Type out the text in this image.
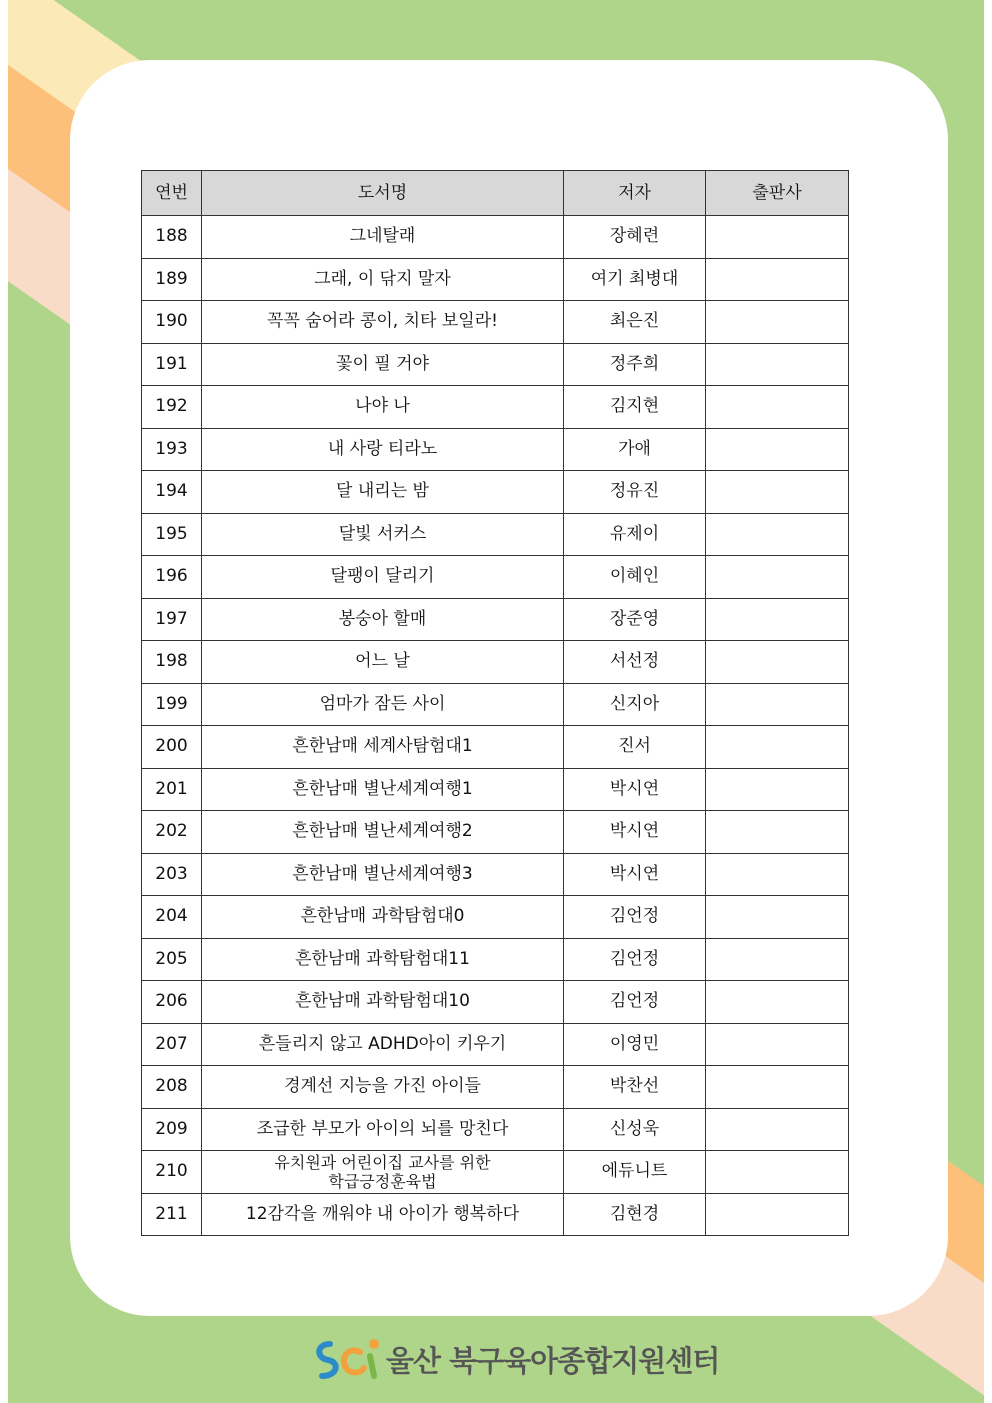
연번	도서명	저자	출판사
188	그네탈래	장혜련	
189	그래, 이 닦지 말자	여기 최병대	
190	꼭꼭 숨어라 콩이, 치타 보일라!	최은진	
191	꽃이 필 거야	정주희	
192	나야 나	김지현	
193	내 사랑 티라노	가애	
194	달 내리는 밤	정유진	
195	달빛 서커스	유제이	
196	달팽이 달리기	이혜인	
197	봉숭아 할매	장준영	
198	어느 날	서선정	
199	엄마가 잠든 사이	신지아	
200	흔한남매 세계사탐험대1	진서	
201	흔한남매 별난세계여행1	박시연	
202	흔한남매 별난세계여행2	박시연	
203	흔한남매 별난세계여행3	박시연	
204	흔한남매 과학탐험대0	김언정	
205	흔한남매 과학탐험대11	김언정	
206	흔한남매 과학탐험대10	김언정	
207	흔들리지 않고 ADHD아이 키우기	이영민	
208	경계선 지능을 가진 아이들	박찬선	
209	조급한 부모가 아이의 뇌를 망친다	신성욱	
210	유치원과 어린이집 교사를 위한
학급긍정훈육법	에듀니트	
211	12감각을 깨워야 내 아이가 행복하다	김현경	
울산 북구육아종합지원센터
